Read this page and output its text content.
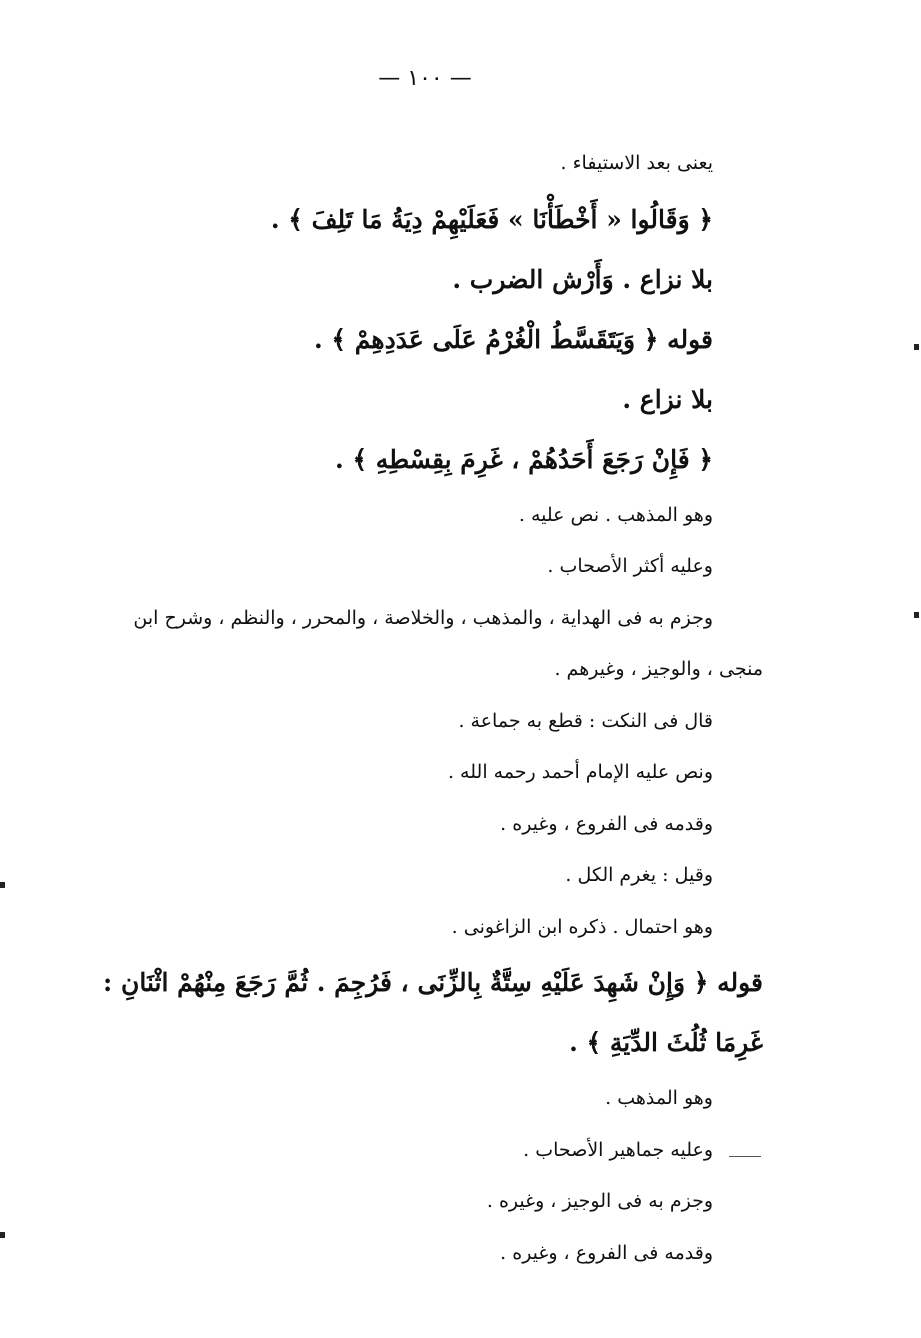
— ١٠٠ —
يعنى بعد الاستيفاء .
﴿ وَقَالُوا « أَخْطَأْنَا » فَعَلَيْهِمْ دِيَةُ مَا تَلِفَ ﴾ .
بلا نزاع . وَأَرْش الضرب .
قوله ﴿ وَيَتَقَسَّطُ الْغُرْمُ عَلَى عَدَدِهِمْ ﴾ .
بلا نزاع .
﴿ فَإِنْ رَجَعَ أَحَدُهُمْ ، غَرِمَ بِقِسْطِهِ ﴾ .
وهو المذهب . نص عليه .
وعليه أكثر الأصحاب .
وجزم به فى الهداية ، والمذهب ، والخلاصة ، والمحرر ، والنظم ، وشرح ابن
منجى ، والوجيز ، وغيرهم .
قال فى النكت : قطع به جماعة .
ونص عليه الإمام أحمد رحمه الله .
وقدمه فى الفروع ، وغيره .
وقيل : يغرم الكل .
وهو احتمال . ذكره ابن الزاغونى .
قوله ﴿ وَإِنْ شَهِدَ عَلَيْهِ سِتَّةٌ بِالزِّنَى ، فَرُجِمَ . ثُمَّ رَجَعَ مِنْهُمْ اثْنَانِ :
غَرِمَا ثُلُثَ الدِّيَةِ ﴾ .
وهو المذهب .
وعليه جماهير الأصحاب .
وجزم به فى الوجيز ، وغيره .
وقدمه فى الفروع ، وغيره .
